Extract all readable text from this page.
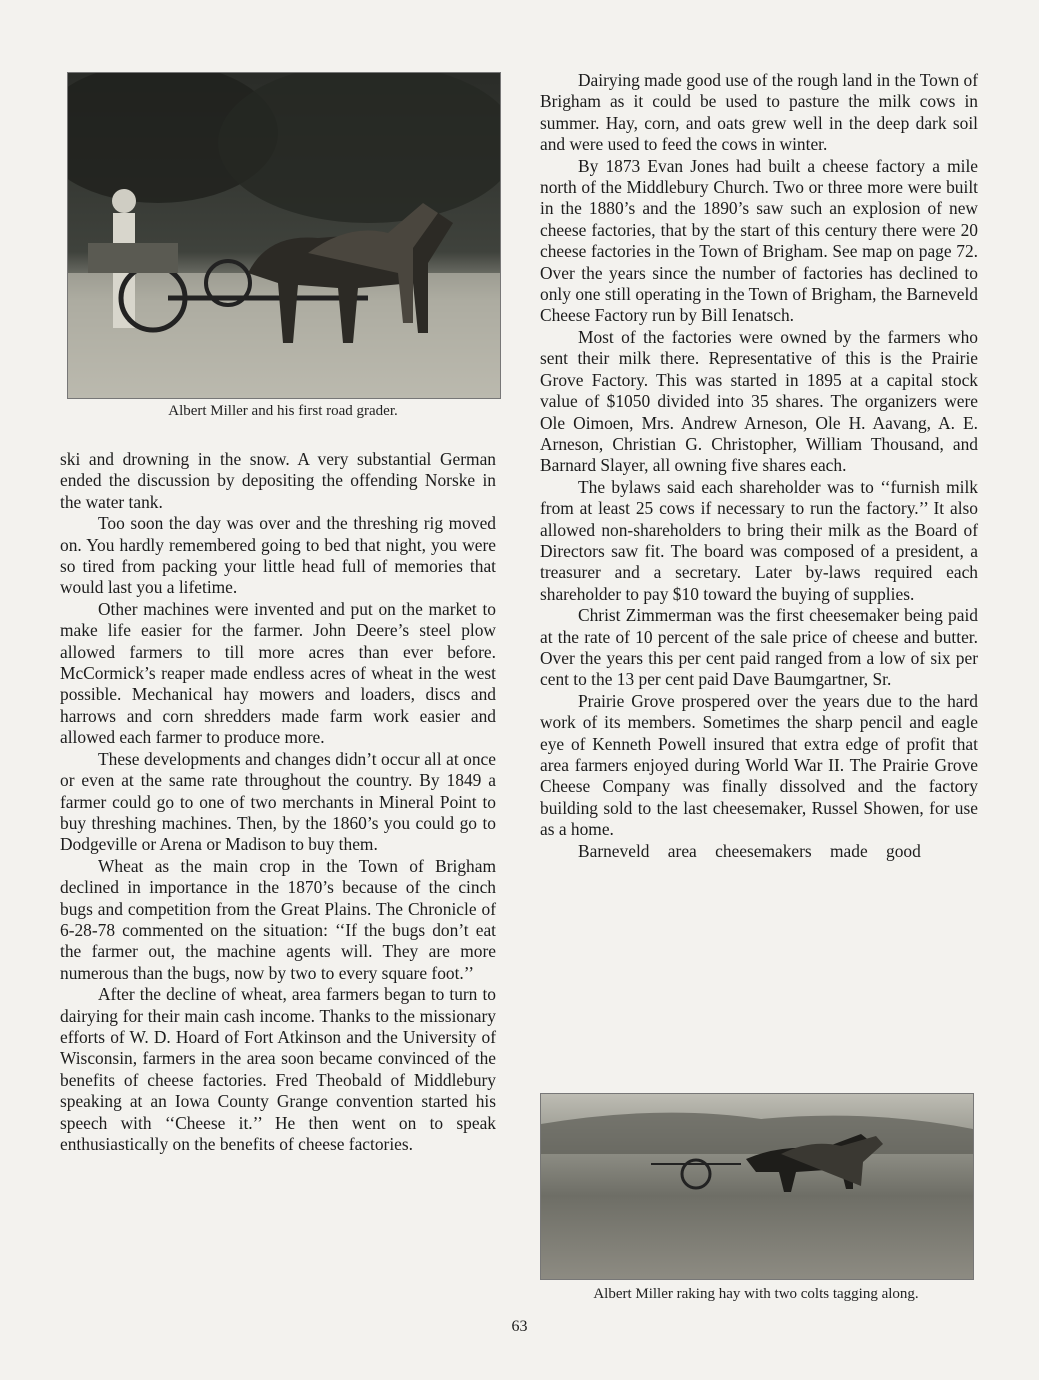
Albert Miller and his first road grader.

ski and drowning in the snow. A very substantial German ended the discussion by depositing the offending Norske in the water tank.

Too soon the day was over and the threshing rig moved on. You hardly remembered going to bed that night, you were so tired from packing your little head full of memories that would last you a lifetime.

Other machines were invented and put on the market to make life easier for the farmer. John Deere’s steel plow allowed farmers to till more acres than ever before. McCormick’s reaper made endless acres of wheat in the west possible. Mechanical hay mowers and loaders, discs and harrows and corn shredders made farm work easier and allowed each farmer to produce more.

These developments and changes didn’t occur all at once or even at the same rate throughout the country. By 1849 a farmer could go to one of two merchants in Mineral Point to buy threshing machines. Then, by the 1860’s you could go to Dodgeville or Arena or Madison to buy them.

Wheat as the main crop in the Town of Brigham declined in importance in the 1870’s because of the cinch bugs and competition from the Great Plains. The Chronicle of 6-28-78 commented on the situation: ‘‘If the bugs don’t eat the farmer out, the machine agents will. They are more numerous than the bugs, now by two to every square foot.’’

After the decline of wheat, area farmers began to turn to dairying for their main cash income. Thanks to the missionary efforts of W. D. Hoard of Fort Atkinson and the University of Wisconsin, farmers in the area soon became convinced of the benefits of cheese factories. Fred Theobald of Middlebury speaking at an Iowa County Grange convention started his speech with ‘‘Cheese it.’’ He then went on to speak enthusiastically on the benefits of cheese factories.

Dairying made good use of the rough land in the Town of Brigham as it could be used to pasture the milk cows in summer. Hay, corn, and oats grew well in the deep dark soil and were used to feed the cows in winter.

By 1873 Evan Jones had built a cheese factory a mile north of the Middlebury Church. Two or three more were built in the 1880’s and the 1890’s saw such an explosion of new cheese factories, that by the start of this century there were 20 cheese factories in the Town of Brigham. See map on page 72. Over the years since the number of factories has declined to only one still operating in the Town of Brigham, the Barneveld Cheese Factory run by Bill Ienatsch.

Most of the factories were owned by the farmers who sent their milk there. Representative of this is the Prairie Grove Factory. This was started in 1895 at a capital stock value of $1050 divided into 35 shares. The organizers were Ole Oimoen, Mrs. Andrew Arneson, Ole H. Aavang, A. E. Arneson, Christian G. Christopher, William Thousand, and Barnard Slayer, all owning five shares each.

The bylaws said each shareholder was to ‘‘furnish milk from at least 25 cows if necessary to run the factory.’’ It also allowed non-shareholders to bring their milk as the Board of Directors saw fit. The board was composed of a president, a treasurer and a secretary. Later by-laws required each shareholder to pay $10 toward the buying of supplies.

Christ Zimmerman was the first cheesemaker being paid at the rate of 10 percent of the sale price of cheese and butter. Over the years this per cent paid ranged from a low of six per cent to the 13 per cent paid Dave Baumgartner, Sr.

Prairie Grove prospered over the years due to the hard work of its members. Sometimes the sharp pencil and eagle eye of Kenneth Powell insured that extra edge of profit that area farmers enjoyed during World War II. The Prairie Grove Cheese Company was finally dissolved and the factory building sold to the last cheesemaker, Russel Showen, for use as a home.

Barneveld area cheesemakers made good

Albert Miller raking hay with two colts tagging along.
63
